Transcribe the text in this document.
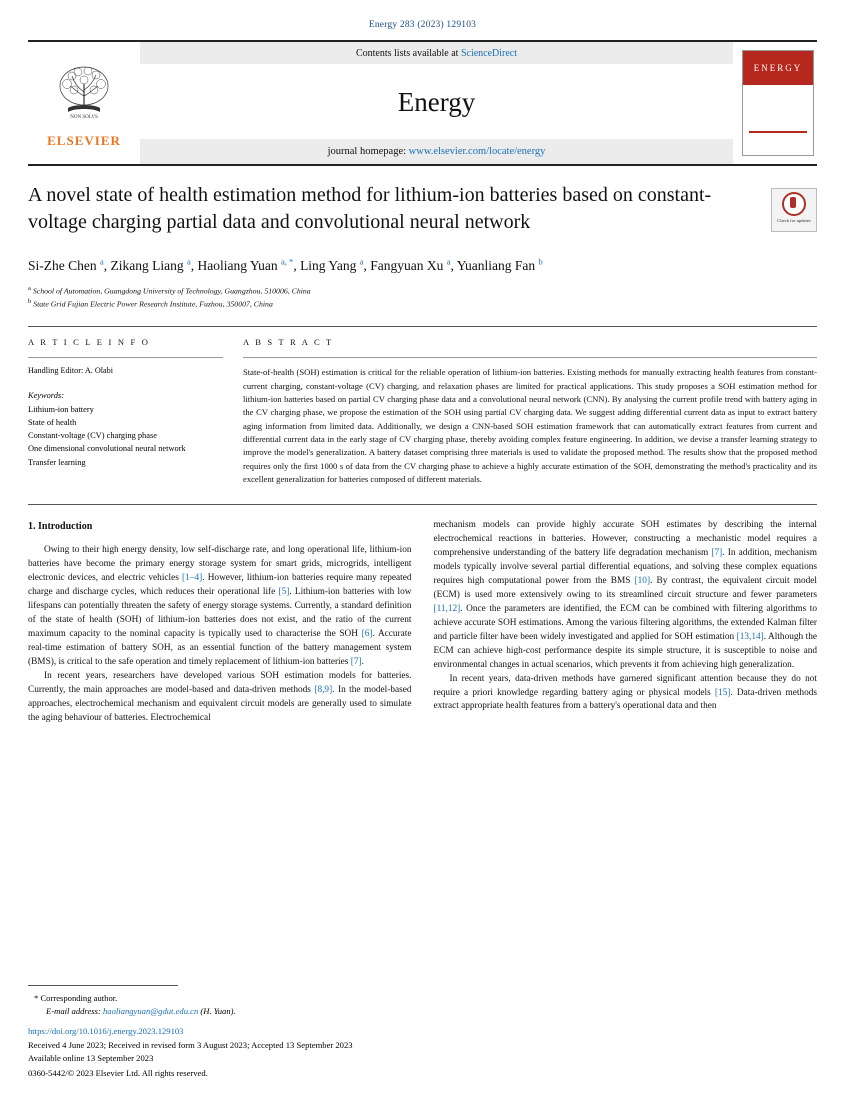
Energy 283 (2023) 129103
NON SOLVS
ELSEVIER
Contents lists available at ScienceDirect
Energy
journal homepage: www.elsevier.com/locate/energy
ENERGY
Check for updates
A novel state of health estimation method for lithium-ion batteries based on constant-voltage charging partial data and convolutional neural network
Si-Zhe Chen $^a$, Zikang Liang $^a$, Haoliang Yuan $^{a, *}$, Ling Yang $^a$, Fangyuan Xu $^a$, Yuanliang Fan $^b$
$^a$ School of Automation, Guangdong University of Technology, Guangzhou, 510006, China
$^b$ State Grid Fujian Electric Power Research Institute, Fuzhou, 350007, China
A R T I C L E I N F O
Handling Editor: A. Olabi
Keywords:
Lithium-ion battery
State of health
Constant-voltage (CV) charging phase
One dimensional convolutional neural network
Transfer learning
A B S T R A C T
State-of-health (SOH) estimation is critical for the reliable operation of lithium-ion batteries. Existing methods for manually extracting health features from constant-current charging, constant-voltage (CV) charging, and relaxation phases are limited for practical applications. This study proposes a SOH estimation method for lithium-ion batteries based on partial CV charging phase data and a convolutional neural network (CNN). By analysing the current profile trend with battery aging in the CV charging phase, we propose the estimation of the SOH using partial CV charging data. We suggest adding differential current data as input to extract battery aging information from limited data. Additionally, we design a CNN-based SOH estimation framework that can automatically extract features from current and differential current data in the early stage of CV charging phase, thereby avoiding complex feature engineering. In addition, we devise a transfer learning strategy to improve the model's generalization. A battery dataset comprising three materials is used to validate the proposed method. The results show that the proposed method requires only the first 1000 s of data from the CV charging phase to achieve a highly accurate estimation of the SOH, demonstrating the method's practicality and its excellent generalization for batteries composed of different materials.
1. Introduction

Owing to their high energy density, low self-discharge rate, and long operational life, lithium-ion batteries have become the primary energy storage system for smart grids, microgrids, intelligent electronic devices, and electric vehicles [1–4]. However, lithium-ion batteries require many repeated charge and discharge cycles, which reduces their operational life [5]. Lithium-ion batteries with low lifespans can potentially threaten the safety of energy storage systems. Currently, a standard definition of the state of health (SOH) of lithium-ion batteries does not exist, and the ratio of the current maximum capacity to the nominal capacity is typically used to characterise the SOH [6]. Accurate real-time estimation of battery SOH, as an essential function of the battery management system (BMS), is critical to the safe operation and timely replacement of lithium-ion batteries [7].

In recent years, researchers have developed various SOH estimation models for batteries. Currently, the main approaches are model-based and data-driven methods [8,9]. In the model-based approaches, electrochemical mechanism and equivalent circuit models are generally used to simulate the aging behaviour of batteries. Electrochemical

mechanism models can provide highly accurate SOH estimates by describing the internal electrochemical reactions in batteries. However, constructing a mechanistic model requires a comprehensive understanding of the battery life degradation mechanism [7]. In addition, mechanism models typically involve several partial differential equations, and solving these complex equations requires high computational power from the BMS [10]. By contrast, the equivalent circuit model (ECM) is used more extensively owing to its streamlined circuit structure and fewer parameters [11,12]. Once the parameters are identified, the ECM can be combined with filtering algorithms to achieve accurate SOH estimations. Among the various filtering algorithms, the extended Kalman filter and particle filter have been widely investigated and applied for SOH estimation [13,14]. Although the ECM can achieve high-cost performance despite its simple structure, it is susceptible to noise and environmental changes in actual scenarios, which prevents it from achieving high generalization.

In recent years, data-driven methods have garnered significant attention because they do not require a priori knowledge regarding battery aging or physical models [15]. Data-driven methods extract appropriate health features from a battery's operational data and then

* Corresponding author.
E-mail address: haoliangyuan@gdut.edu.cn (H. Yuan).
https://doi.org/10.1016/j.energy.2023.129103
Received 4 June 2023; Received in revised form 3 August 2023; Accepted 13 September 2023
Available online 13 September 2023
0360-5442/© 2023 Elsevier Ltd. All rights reserved.
